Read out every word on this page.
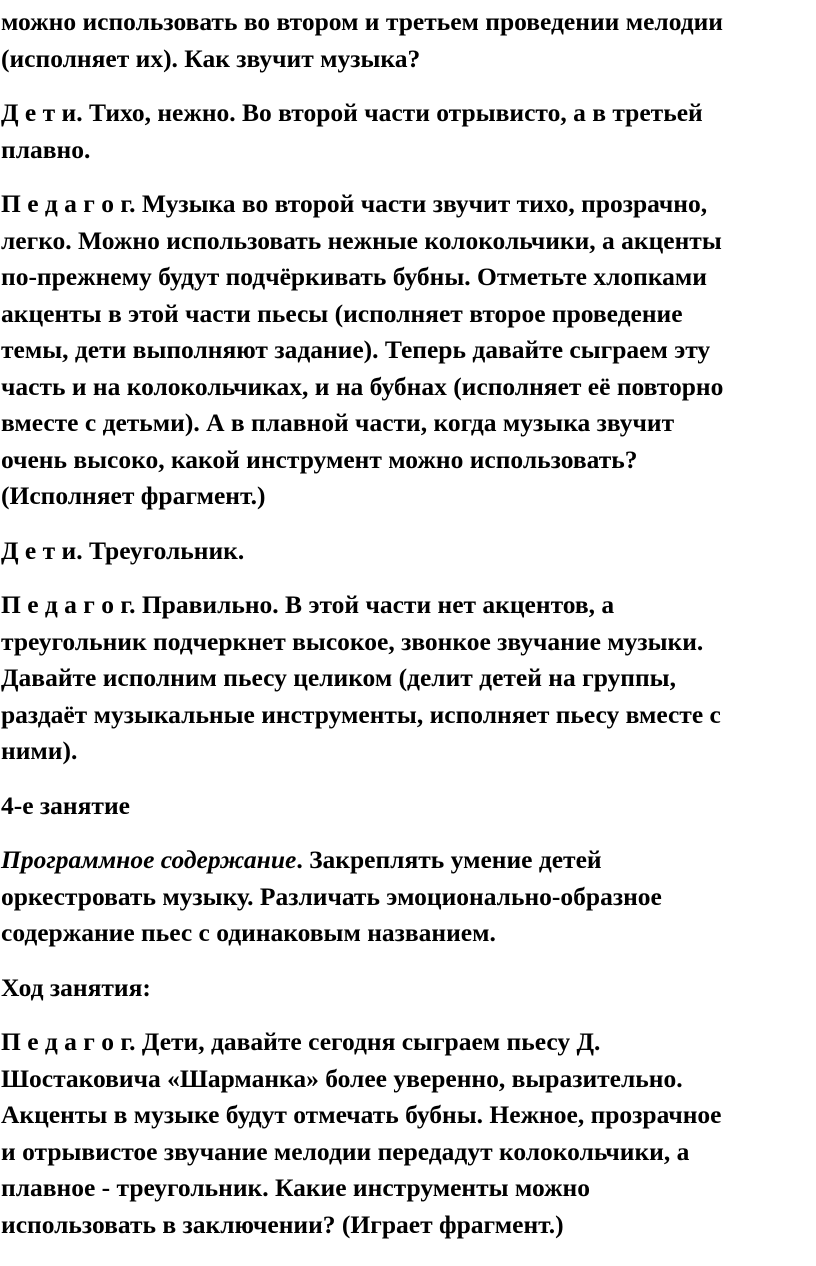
можно использовать во втором и третьем проведении мелодии
(исполняет их). Как звучит музыка?

Д е т и. Тихо, нежно. Во второй части отрывисто, а в третьей
плавно.

П е д а г о г. Музыка во второй части звучит тихо, прозрачно,
легко. Можно использовать нежные колокольчики, а акценты
по-прежнему будут подчёркивать бубны. Отметьте хлопками
акценты в этой части пьесы (исполняет второе проведение
темы, дети выполняют задание). Теперь давайте сыграем эту
часть и на колокольчиках, и на бубнах (исполняет её повторно
вместе с детьми). А в плавной части, когда музыка звучит
очень высоко, какой инструмент можно использовать?
(Исполняет фрагмент.)

Д е т и. Треугольник.

П е д а г о г. Правильно. В этой части нет акцентов, а
треугольник подчеркнет высокое, звонкое звучание музыки.
Давайте исполним пьесу целиком (делит детей на группы,
раздаёт музыкальные инструменты, исполняет пьесу вместе с
ними).

4-е занятие

Программное содержание. Закреплять умение детей
оркестровать музыку. Различать эмоционально-образное
содержание пьес с одинаковым названием.

Ход занятия:

П е д а г о г. Дети, давайте сегодня сыграем пьесу Д.
Шостаковича «Шарманка» более уверенно, выразительно.
Акценты в музыке будут отмечать бубны. Нежное, прозрачное
и отрывистое звучание мелодии передадут колокольчики, а
плавное - треугольник. Какие инструменты можно
использовать в заключении? (Играет фрагмент.)
